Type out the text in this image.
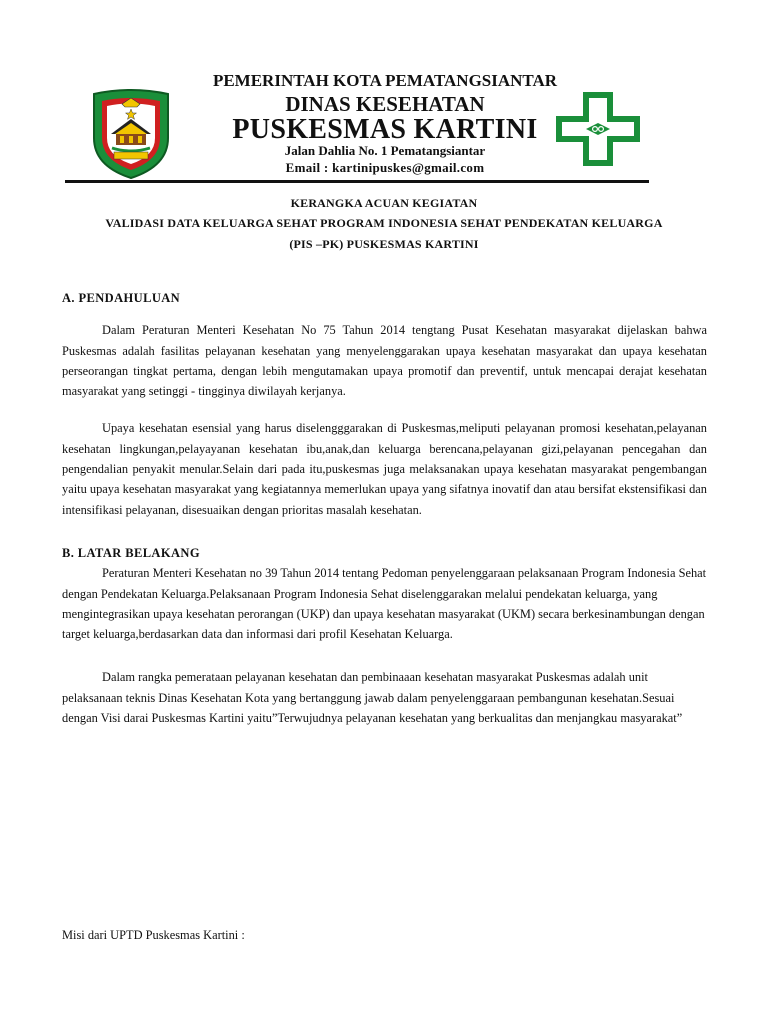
PEMERINTAH KOTA PEMATANGSIANTAR
DINAS KESEHATAN
PUSKESMAS KARTINI
Jalan Dahlia No. 1 Pematangsiantar
Email : kartinipuskes@gmail.com
KERANGKA ACUAN KEGIATAN
VALIDASI DATA KELUARGA SEHAT PROGRAM INDONESIA SEHAT PENDEKATAN KELUARGA
(PIS –PK) PUSKESMAS KARTINI

A. PENDAHULUAN

Dalam Peraturan Menteri Kesehatan No 75 Tahun 2014 tengtang Pusat Kesehatan masyarakat dijelaskan bahwa Puskesmas adalah fasilitas pelayanan kesehatan yang menyelenggarakan upaya kesehatan masyarakat dan upaya kesehatan perseorangan tingkat pertama, dengan lebih mengutamakan upaya promotif dan preventif, untuk mencapai derajat kesehatan masyarakat yang setinggi - tingginya diwilayah kerjanya.

Upaya kesehatan esensial yang harus diselengggarakan di Puskesmas,meliputi pelayanan promosi kesehatan,pelayanan kesehatan lingkungan,pelayayanan kesehatan ibu,anak,dan keluarga berencana,pelayanan gizi,pelayanan pencegahan dan pengendalian penyakit menular.Selain dari pada itu,puskesmas juga melaksanakan upaya kesehatan masyarakat pengembangan yaitu upaya kesehatan masyarakat yang kegiatannya memerlukan upaya yang sifatnya inovatif dan atau bersifat ekstensifikasi dan intensifikasi pelayanan, disesuaikan dengan prioritas masalah kesehatan.

B. LATAR BELAKANG

Peraturan Menteri Kesehatan no 39 Tahun 2014 tentang Pedoman penyelenggaraan pelaksanaan Program Indonesia Sehat dengan Pendekatan Keluarga.Pelaksanaan Program Indonesia Sehat diselenggarakan melalui pendekatan keluarga, yang mengintegrasikan upaya kesehatan perorangan (UKP) dan upaya kesehatan masyarakat (UKM) secara berkesinambungan dengan target keluarga,berdasarkan data dan informasi dari profil Kesehatan Keluarga.

Dalam rangka pemerataan pelayanan kesehatan dan pembinaaan kesehatan masyarakat Puskesmas adalah unit pelaksanaan teknis Dinas Kesehatan Kota yang bertanggung jawab dalam penyelenggaraan pembangunan kesehatan.Sesuai dengan Visi darai Puskesmas Kartini yaitu”Terwujudnya pelayanan kesehatan yang berkualitas dan menjangkau masyarakat”

Misi dari UPTD Puskesmas Kartini :
